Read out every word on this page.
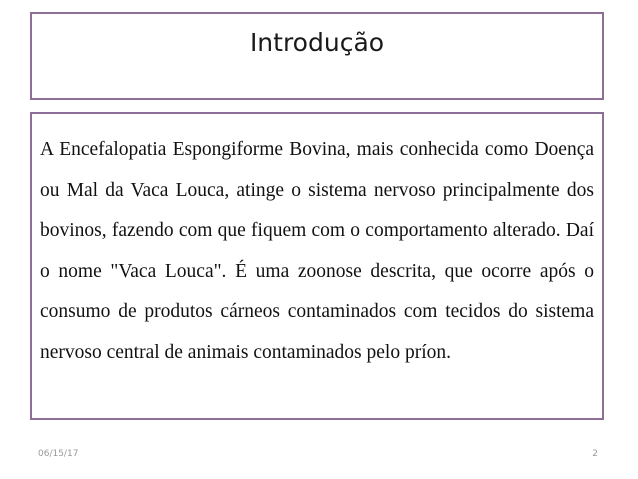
Introdução

A Encefalopatia Espongiforme Bovina, mais conhecida como Doença ou Mal da Vaca Louca, atinge o sistema nervoso principalmente dos bovinos, fazendo com que fiquem com o comportamento alterado. Daí o nome "Vaca Louca". É uma zoonose descrita, que ocorre após o consumo de produtos cárneos contaminados com tecidos do sistema nervoso central de animais contaminados pelo príon.

06/15/17	2
